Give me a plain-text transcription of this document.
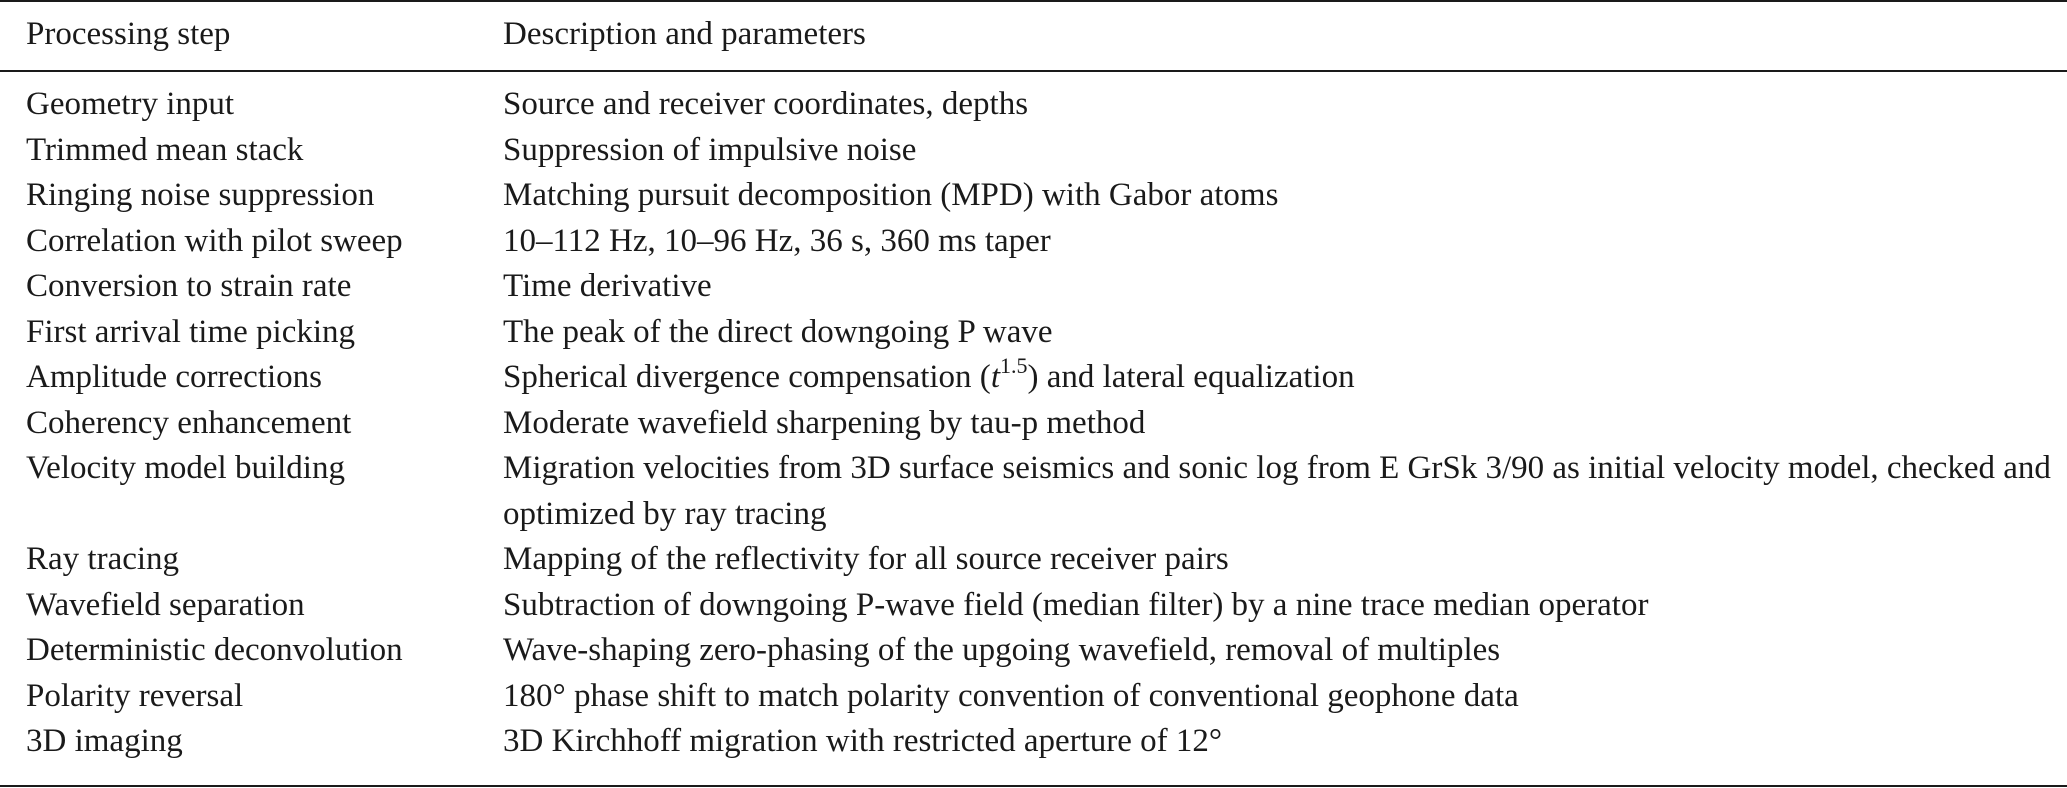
Processing step	Description and parameters
Geometry input	Source and receiver coordinates, depths
Trimmed mean stack	Suppression of impulsive noise
Ringing noise suppression	Matching pursuit decomposition (MPD) with Gabor atoms
Correlation with pilot sweep	10–112 Hz, 10–96 Hz, 36 s, 360 ms taper
Conversion to strain rate	Time derivative
First arrival time picking	The peak of the direct downgoing P wave
Amplitude corrections	Spherical divergence compensation $(t^{1.5})$ and lateral equalization
Coherency enhancement	Moderate wavefield sharpening by tau-p method
Velocity model building	Migration velocities from 3D surface seismics and sonic log from E GrSk 3/90 as initial velocity model, checked and optimized by ray tracing
Ray tracing	Mapping of the reflectivity for all source receiver pairs
Wavefield separation	Subtraction of downgoing P-wave field (median filter) by a nine trace median operator
Deterministic deconvolution	Wave-shaping zero-phasing of the upgoing wavefield, removal of multiples
Polarity reversal	180° phase shift to match polarity convention of conventional geophone data
3D imaging	3D Kirchhoff migration with restricted aperture of 12°
